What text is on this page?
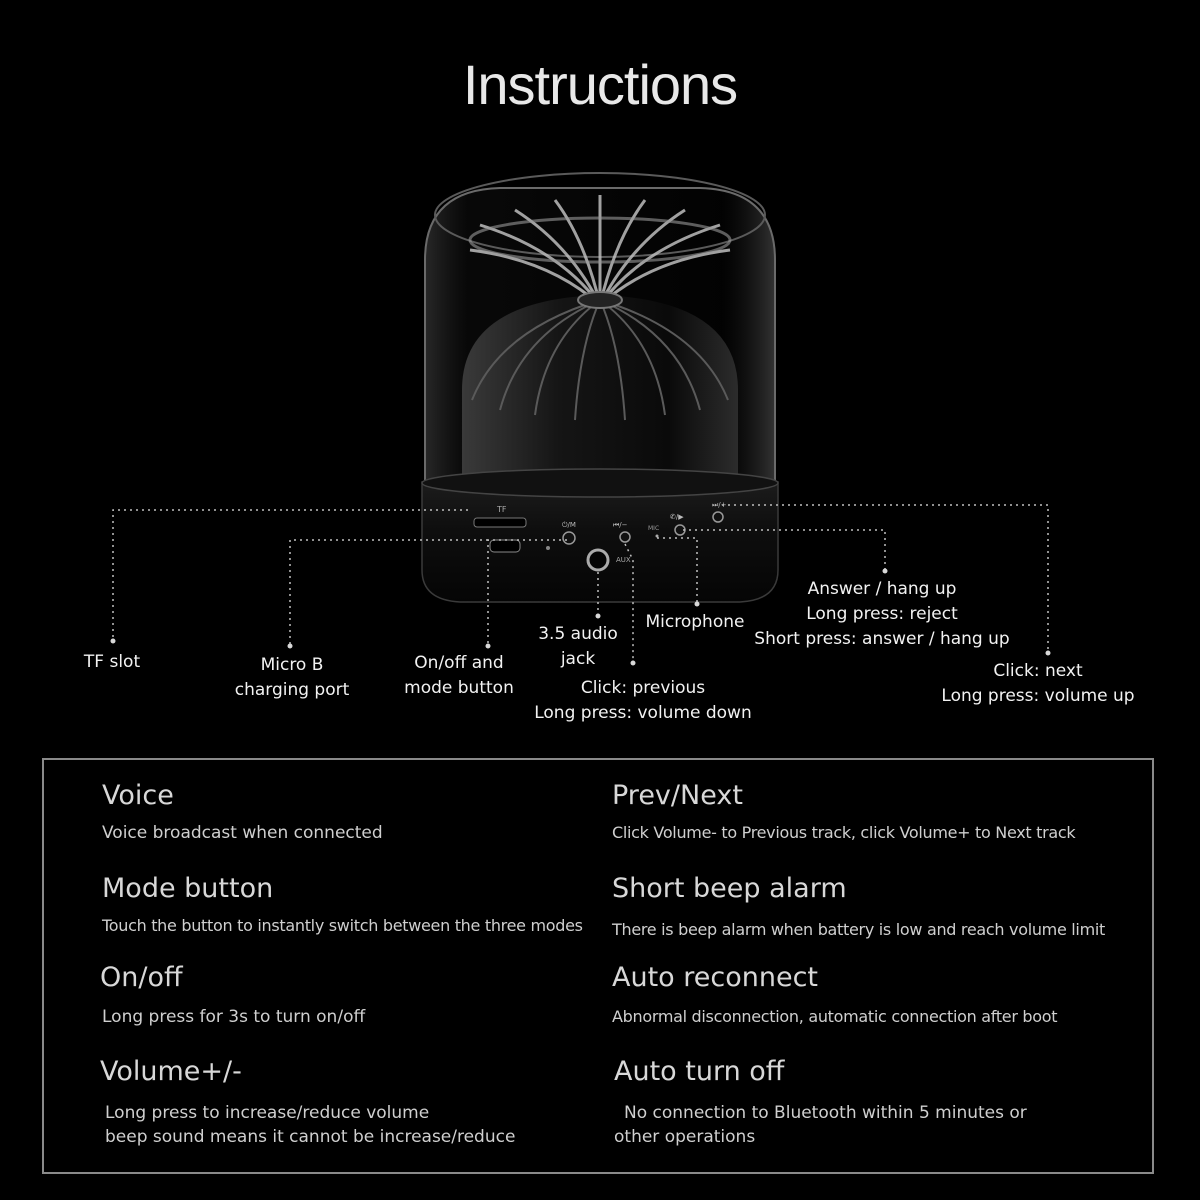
Instructions
TF
⏻/M
AUX
⏮/−	MIC
✆/▶
⏭/+
TF slot	Micro B
charging port
On/off and
mode button
3.5 audio
jack
Click: previous
Long press: volume down
Microphone
Answer / hang up
Long press: reject
Short press: answer / hang up
Click: next
Long press: volume up
Voice

Voice broadcast when connected

Mode button

Touch the button to instantly switch between the three modes

On/off

Long press for 3s to turn on/off

Volume+/-

Long press to increase/reduce volume

beep sound means it cannot be increase/reduce

Prev/Next

Click Volume- to Previous track, click Volume+ to Next track

Short beep alarm

There is beep alarm when battery is low and reach volume limit

Auto reconnect

Abnormal disconnection, automatic connection after boot

Auto turn off

No connection to Bluetooth within 5 minutes or

other operations
